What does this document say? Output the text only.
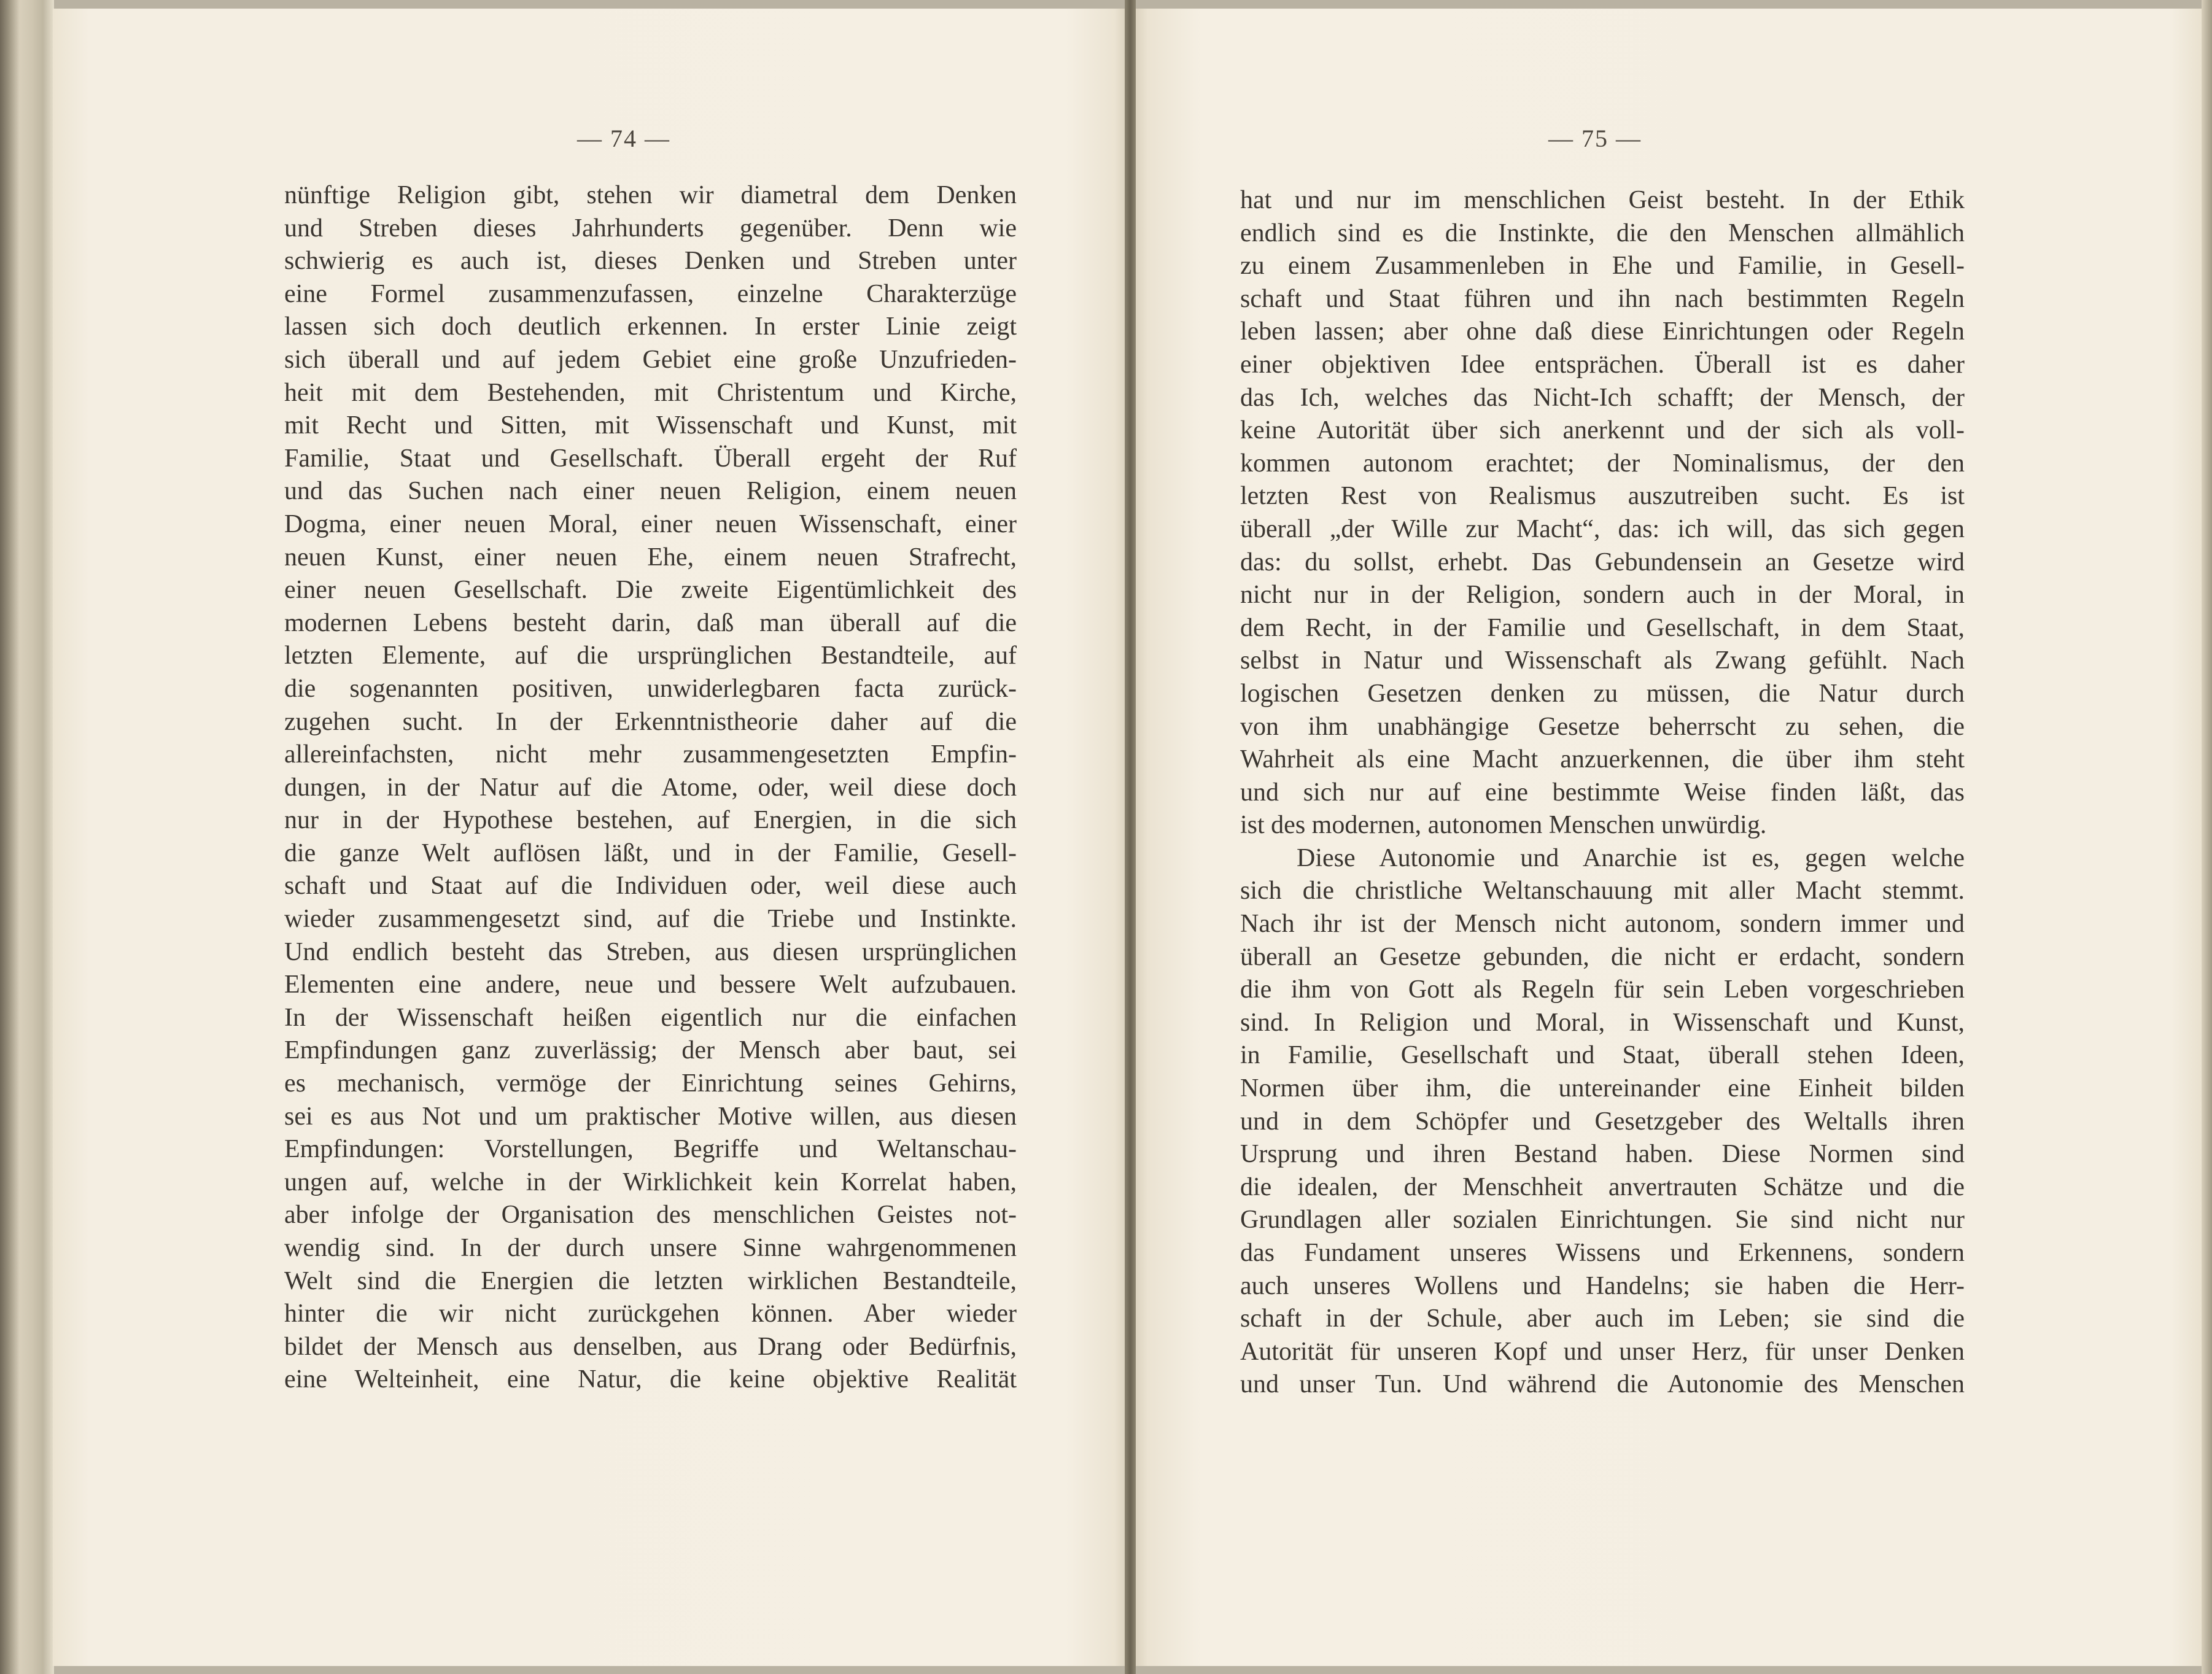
— 74 —	— 75 —
nünftige Religion gibt, stehen wir diametral dem Denken
und Streben dieses Jahrhunderts gegenüber. Denn wie
schwierig es auch ist, dieses Denken und Streben unter
eine Formel zusammenzufassen, einzelne Charakterzüge
lassen sich doch deutlich erkennen. In erster Linie zeigt
sich überall und auf jedem Gebiet eine große Unzufrieden-
heit mit dem Bestehenden, mit Christentum und Kirche,
mit Recht und Sitten, mit Wissenschaft und Kunst, mit
Familie, Staat und Gesellschaft. Überall ergeht der Ruf
und das Suchen nach einer neuen Religion, einem neuen
Dogma, einer neuen Moral, einer neuen Wissenschaft, einer
neuen Kunst, einer neuen Ehe, einem neuen Strafrecht,
einer neuen Gesellschaft. Die zweite Eigentümlichkeit des
modernen Lebens besteht darin, daß man überall auf die
letzten Elemente, auf die ursprünglichen Bestandteile, auf
die sogenannten positiven, unwiderlegbaren facta zurück-
zugehen sucht. In der Erkenntnistheorie daher auf die
allereinfachsten, nicht mehr zusammengesetzten Empfin-
dungen, in der Natur auf die Atome, oder, weil diese doch
nur in der Hypothese bestehen, auf Energien, in die sich
die ganze Welt auflösen läßt, und in der Familie, Gesell-
schaft und Staat auf die Individuen oder, weil diese auch
wieder zusammengesetzt sind, auf die Triebe und Instinkte.
Und endlich besteht das Streben, aus diesen ursprünglichen
Elementen eine andere, neue und bessere Welt aufzubauen.
In der Wissenschaft heißen eigentlich nur die einfachen
Empfindungen ganz zuverlässig; der Mensch aber baut, sei
es mechanisch, vermöge der Einrichtung seines Gehirns,
sei es aus Not und um praktischer Motive willen, aus diesen
Empfindungen: Vorstellungen, Begriffe und Weltanschau-
ungen auf, welche in der Wirklichkeit kein Korrelat haben,
aber infolge der Organisation des menschlichen Geistes not-
wendig sind. In der durch unsere Sinne wahrgenommenen
Welt sind die Energien die letzten wirklichen Bestandteile,
hinter die wir nicht zurückgehen können. Aber wieder
bildet der Mensch aus denselben, aus Drang oder Bedürfnis,
eine Welteinheit, eine Natur, die keine objektive Realität
hat und nur im menschlichen Geist besteht. In der Ethik
endlich sind es die Instinkte, die den Menschen allmählich
zu einem Zusammenleben in Ehe und Familie, in Gesell-
schaft und Staat führen und ihn nach bestimmten Regeln
leben lassen; aber ohne daß diese Einrichtungen oder Regeln
einer objektiven Idee entsprächen. Überall ist es daher
das Ich, welches das Nicht-Ich schafft; der Mensch, der
keine Autorität über sich anerkennt und der sich als voll-
kommen autonom erachtet; der Nominalismus, der den
letzten Rest von Realismus auszutreiben sucht. Es ist
überall „der Wille zur Macht“, das: ich will, das sich gegen
das: du sollst, erhebt. Das Gebundensein an Gesetze wird
nicht nur in der Religion, sondern auch in der Moral, in
dem Recht, in der Familie und Gesellschaft, in dem Staat,
selbst in Natur und Wissenschaft als Zwang gefühlt. Nach
logischen Gesetzen denken zu müssen, die Natur durch
von ihm unabhängige Gesetze beherrscht zu sehen, die
Wahrheit als eine Macht anzuerkennen, die über ihm steht
und sich nur auf eine bestimmte Weise finden läßt, das
ist des modernen, autonomen Menschen unwürdig.
Diese Autonomie und Anarchie ist es, gegen welche
sich die christliche Weltanschauung mit aller Macht stemmt.
Nach ihr ist der Mensch nicht autonom, sondern immer und
überall an Gesetze gebunden, die nicht er erdacht, sondern
die ihm von Gott als Regeln für sein Leben vorgeschrieben
sind. In Religion und Moral, in Wissenschaft und Kunst,
in Familie, Gesellschaft und Staat, überall stehen Ideen,
Normen über ihm, die untereinander eine Einheit bilden
und in dem Schöpfer und Gesetzgeber des Weltalls ihren
Ursprung und ihren Bestand haben. Diese Normen sind
die idealen, der Menschheit anvertrauten Schätze und die
Grundlagen aller sozialen Einrichtungen. Sie sind nicht nur
das Fundament unseres Wissens und Erkennens, sondern
auch unseres Wollens und Handelns; sie haben die Herr-
schaft in der Schule, aber auch im Leben; sie sind die
Autorität für unseren Kopf und unser Herz, für unser Denken
und unser Tun. Und während die Autonomie des Menschen
